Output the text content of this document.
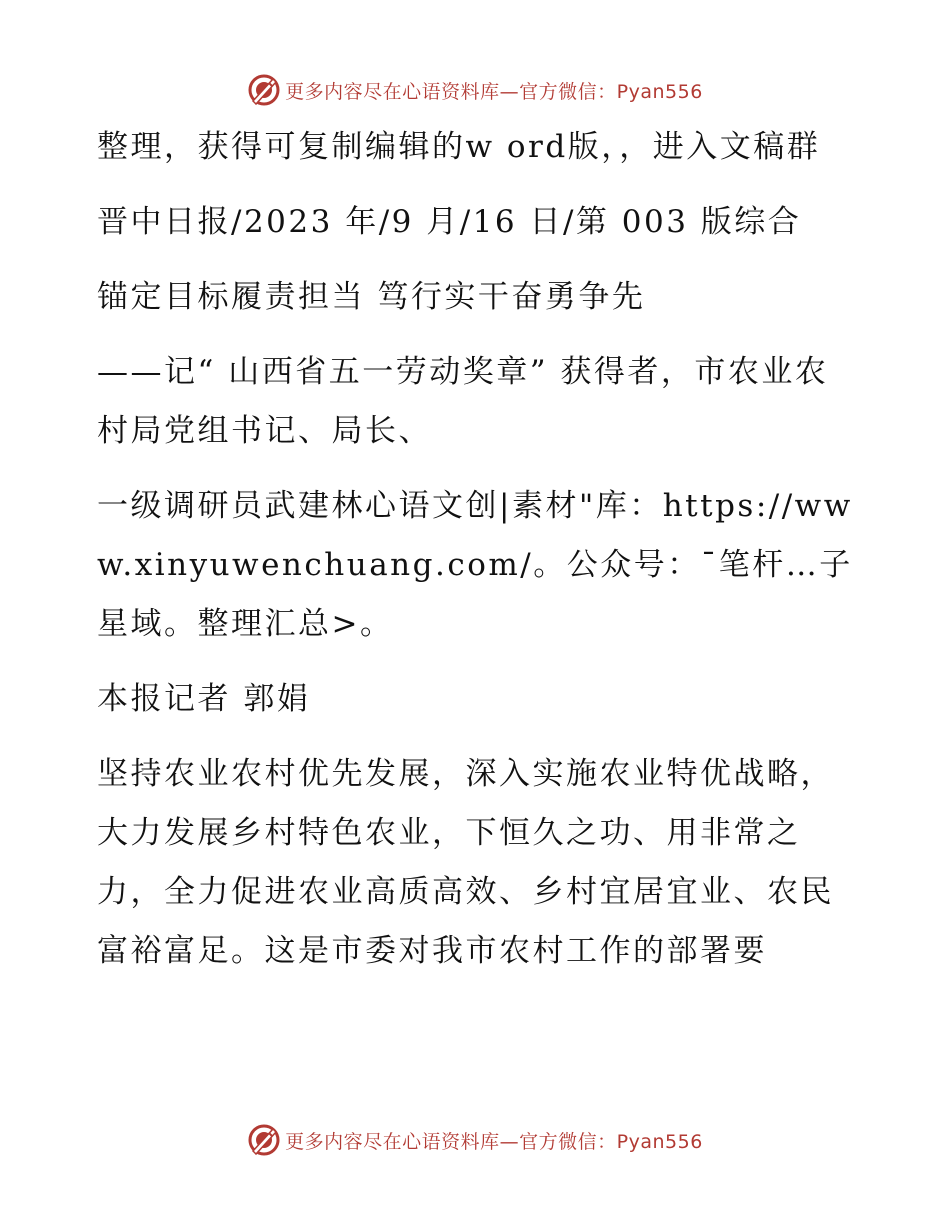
更多内容尽在心语资料库—官方微信：Pyan556

整理，获得可复制编辑的w ord版，，进入文稿群

晋中日报/2023 年/9 月/16 日/第 003 版综合

锚定目标履责担当 笃行实干奋勇争先

——记“ 山西省五一劳动奖章” 获得者，市农业农村局党组书记、局长、

一级调研员武建林心语文创|素材"库：https://www.xinyuwenchuang.com/。公众号：¯笔杆…子星域。整理汇总>。

本报记者 郭娟

坚持农业农村优先发展，深入实施农业特优战略，大力发展乡村特色农业，下恒久之功、用非常之力，全力促进农业高质高效、乡村宜居宜业、农民富裕富足。这是市委对我市农村工作的部署要

更多内容尽在心语资料库—官方微信：Pyan556
